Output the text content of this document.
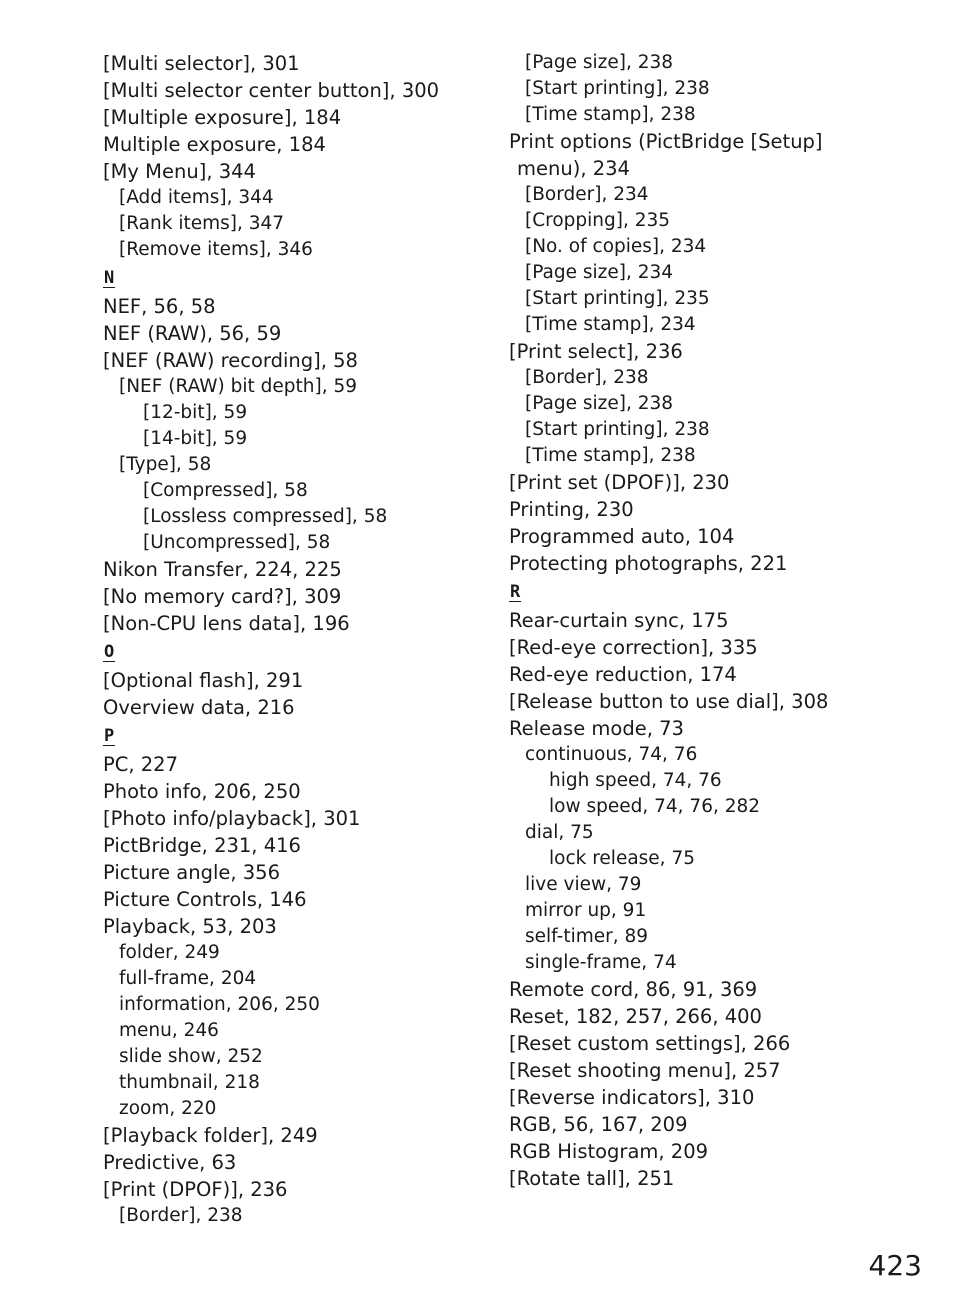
[Multi selector], 301
[Multi selector center button], 300
[Multiple exposure], 184
Multiple exposure, 184
[My Menu], 344
[Add items], 344
[Rank items], 347
[Remove items], 346
N
NEF, 56, 58
NEF (RAW), 56, 59
[NEF (RAW) recording], 58
[NEF (RAW) bit depth], 59
[12-bit], 59
[14-bit], 59
[Type], 58
[Compressed], 58
[Lossless compressed], 58
[Uncompressed], 58
Nikon Transfer, 224, 225
[No memory card?], 309
[Non-CPU lens data], 196
O
[Optional flash], 291
Overview data, 216
P
PC, 227
Photo info, 206, 250
[Photo info/playback], 301
PictBridge, 231, 416
Picture angle, 356
Picture Controls, 146
Playback, 53, 203
folder, 249
full-frame, 204
information, 206, 250
menu, 246
slide show, 252
thumbnail, 218
zoom, 220
[Playback folder], 249
Predictive, 63
[Print (DPOF)], 236
[Border], 238
[Page size], 238
[Start printing], 238
[Time stamp], 238
Print options (PictBridge [Setup]
menu), 234
[Border], 234
[Cropping], 235
[No. of copies], 234
[Page size], 234
[Start printing], 235
[Time stamp], 234
[Print select], 236
[Border], 238
[Page size], 238
[Start printing], 238
[Time stamp], 238
[Print set (DPOF)], 230
Printing, 230
Programmed auto, 104
Protecting photographs, 221
R
Rear-curtain sync, 175
[Red-eye correction], 335
Red-eye reduction, 174
[Release button to use dial], 308
Release mode, 73
continuous, 74, 76
high speed, 74, 76
low speed, 74, 76, 282
dial, 75
lock release, 75
live view, 79
mirror up, 91
self-timer, 89
single-frame, 74
Remote cord, 86, 91, 369
Reset, 182, 257, 266, 400
[Reset custom settings], 266
[Reset shooting menu], 257
[Reverse indicators], 310
RGB, 56, 167, 209
RGB Histogram, 209
[Rotate tall], 251
423
